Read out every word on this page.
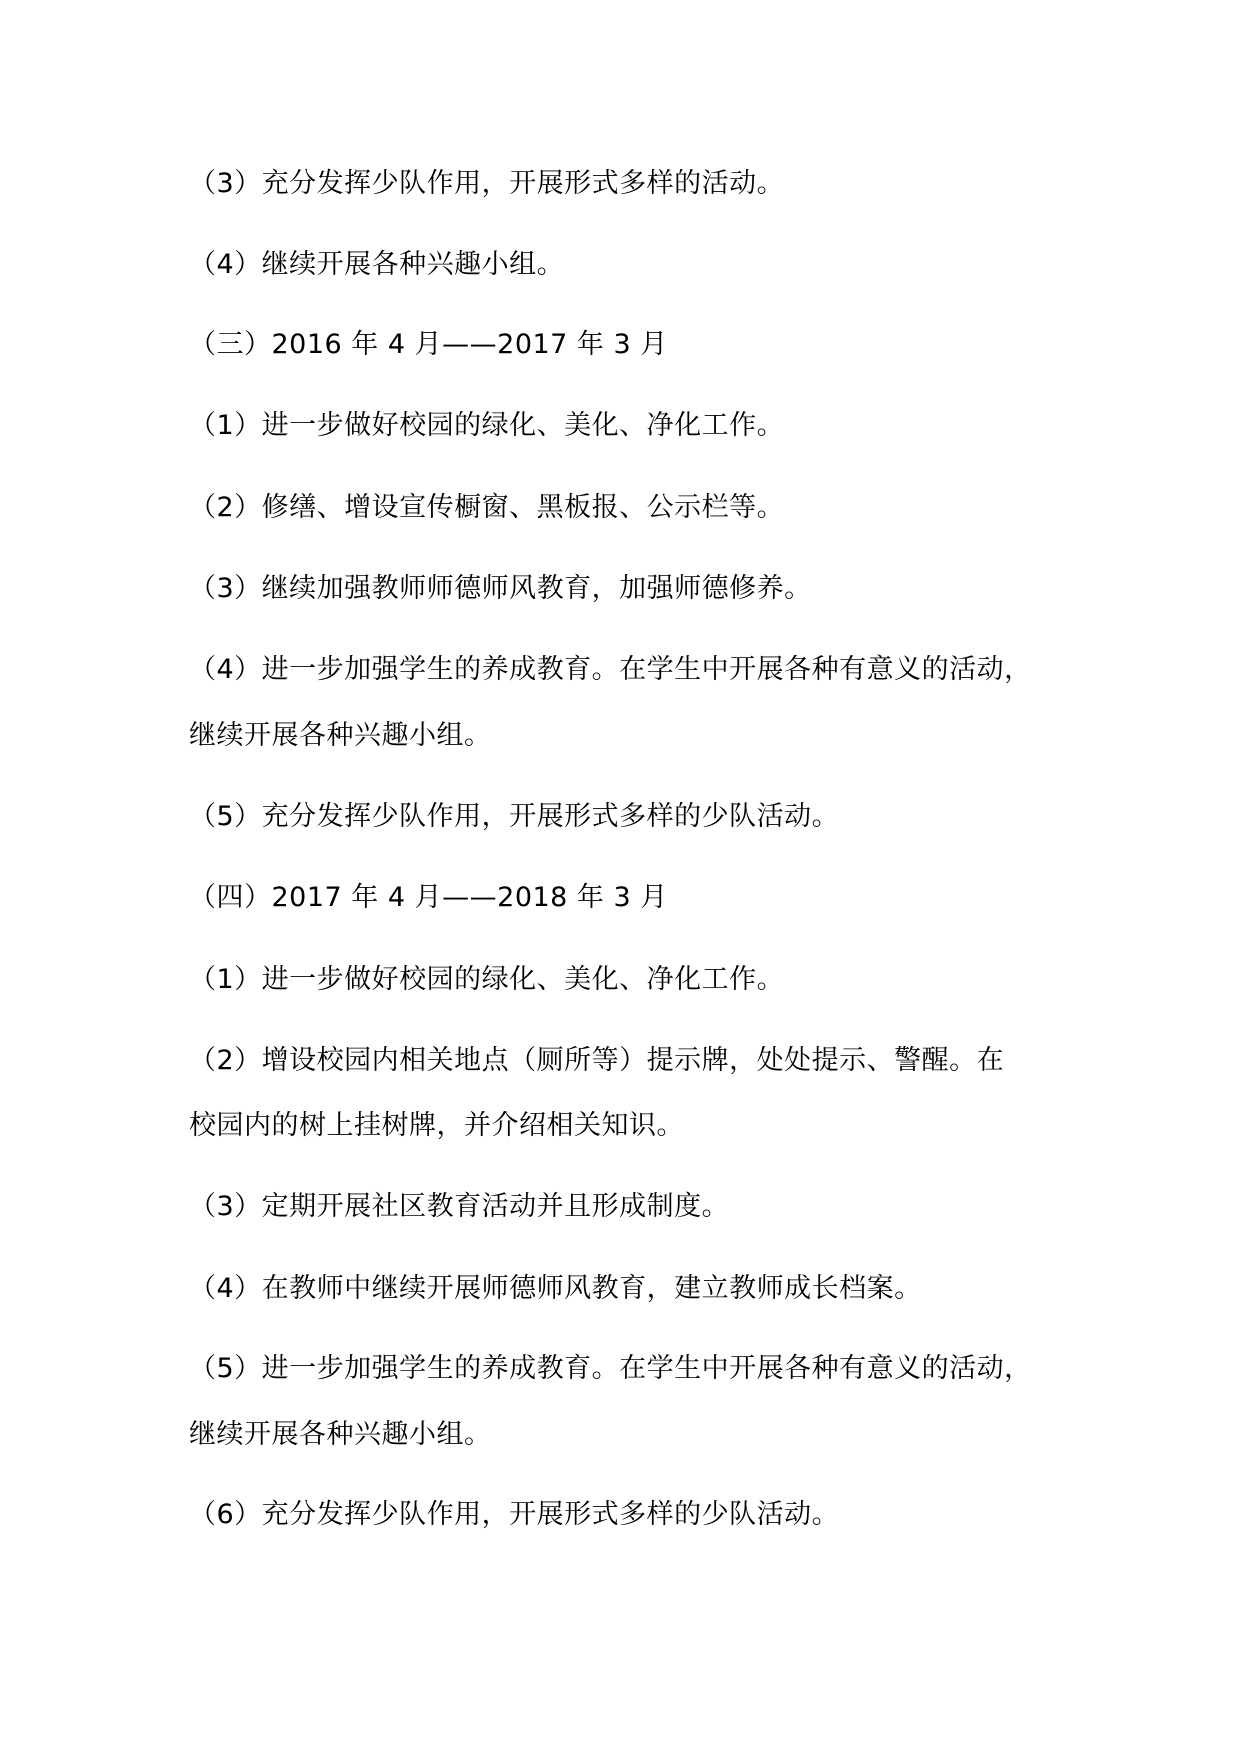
（3）充分发挥少队作用，开展形式多样的活动。
（4）继续开展各种兴趣小组。
（三）2016 年 4 月——2017 年 3 月
（1）进一步做好校园的绿化、美化、净化工作。
（2）修缮、增设宣传橱窗、黑板报、公示栏等。
（3）继续加强教师师德师风教育，加强师德修养。
（4）进一步加强学生的养成教育。在学生中开展各种有意义的活动，
继续开展各种兴趣小组。
（5）充分发挥少队作用，开展形式多样的少队活动。
（四）2017 年 4 月——2018 年 3 月
（1）进一步做好校园的绿化、美化、净化工作。
（2）增设校园内相关地点（厕所等）提示牌，处处提示、警醒。在
校园内的树上挂树牌，并介绍相关知识。
（3）定期开展社区教育活动并且形成制度。
（4）在教师中继续开展师德师风教育，建立教师成长档案。
（5）进一步加强学生的养成教育。在学生中开展各种有意义的活动，
继续开展各种兴趣小组。
（6）充分发挥少队作用，开展形式多样的少队活动。
